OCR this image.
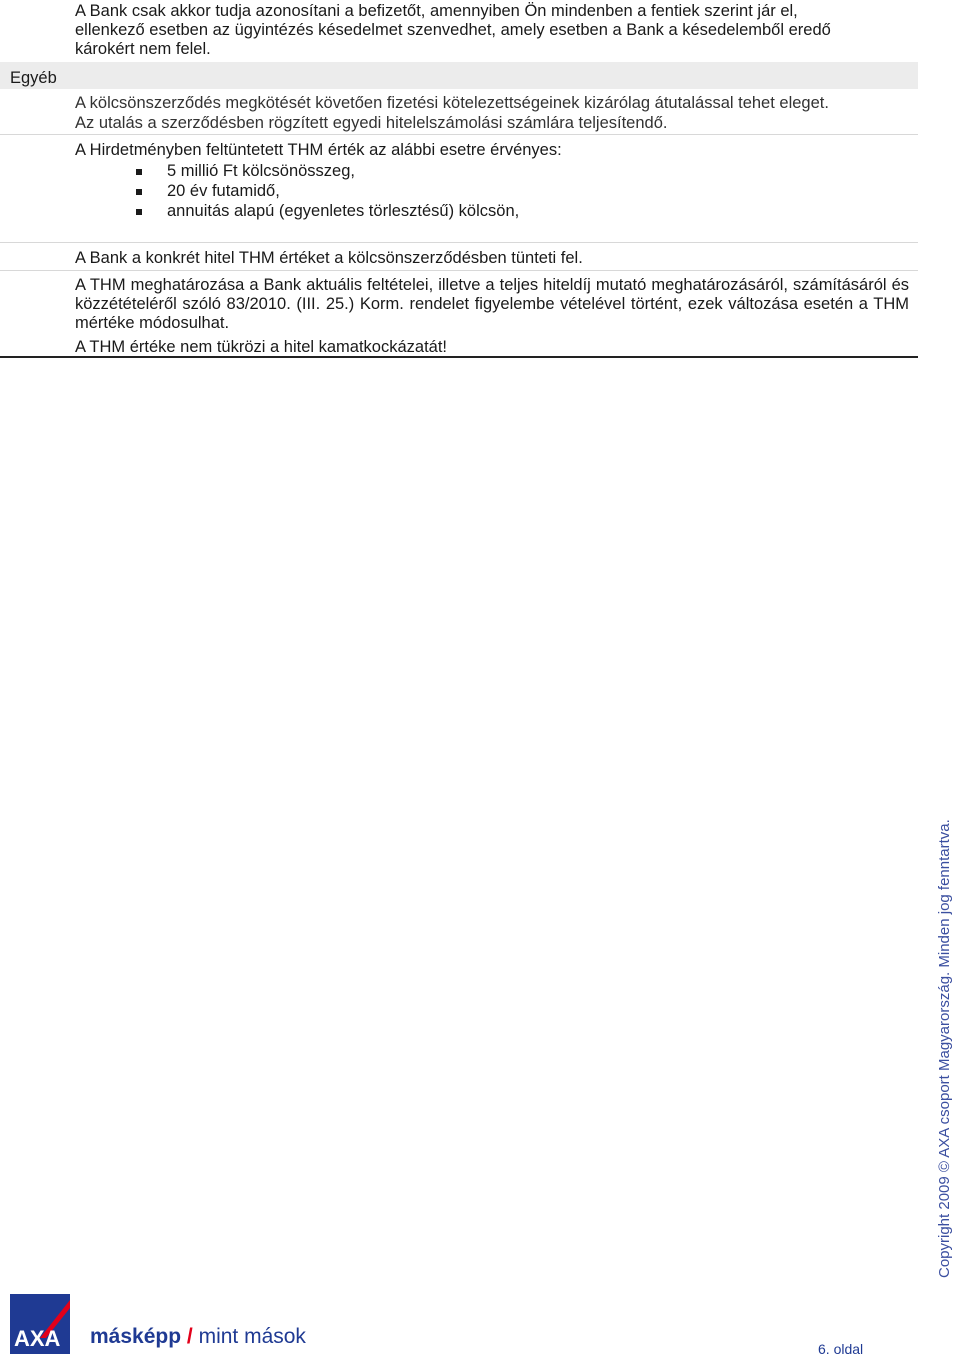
A Bank csak akkor tudja azonosítani a befizetőt, amennyiben Ön mindenben a fentiek szerint jár el, ellenkező esetben az ügyintézés késedelmet szenvedhet, amely esetben a Bank a késedelemből eredő károkért nem felel.

Egyéb
A kölcsönszerződés megkötését követően fizetési kötelezettségeinek kizárólag átutalással tehet eleget.
Az utalás a szerződésben rögzített egyedi hitelelszámolási számlára teljesítendő.
A Hirdetményben feltüntetett THM érték az alábbi esetre érvényes:
5 millió Ft kölcsönösszeg,
20 év futamidő,
annuitás alapú (egyenletes törlesztésű) kölcsön,
A Bank a konkrét hitel THM értéket a kölcsönszerződésben tünteti fel.

A THM meghatározása a Bank aktuális feltételei, illetve a teljes hiteldíj mutató meghatározásáról, számításáról és közzétételéről szóló 83/2010. (III. 25.) Korm. rendelet figyelembe vételével történt, ezek változása esetén a THM mértéke módosulhat.

A THM értéke nem tükrözi a hitel kamatkockázatát!
Copyright 2009 © AXA csoport Magyarország. Minden jog fenntartva.
AXA másképp / mint mások
6. oldal
